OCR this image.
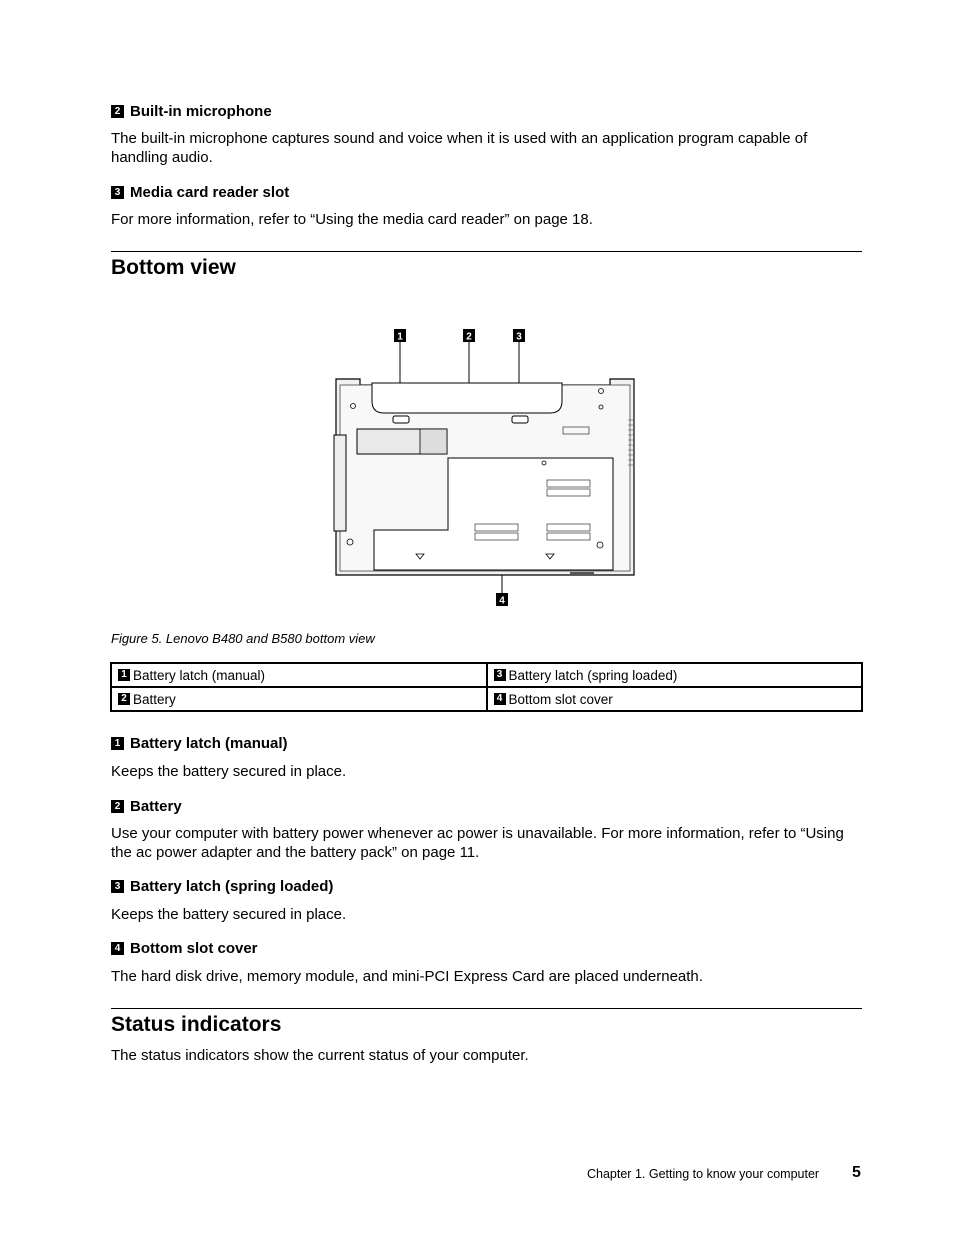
2 Built-in microphone
The built-in microphone captures sound and voice when it is used with an application program capable of handling audio.
3 Media card reader slot
For more information, refer to “Using the media card reader” on page 18.
Bottom view
1	2	3
4
Figure 5. Lenovo B480 and B580 bottom view
1 Battery latch (manual)	3 Battery latch (spring loaded)
2 Battery	4 Bottom slot cover
1 Battery latch (manual)
Keeps the battery secured in place.
2 Battery
Use your computer with battery power whenever ac power is unavailable. For more information, refer to “Using the ac power adapter and the battery pack” on page 11.
3 Battery latch (spring loaded)
Keeps the battery secured in place.
4 Bottom slot cover
The hard disk drive, memory module, and mini-PCI Express Card are placed underneath.
Status indicators
The status indicators show the current status of your computer.
Chapter 1. Getting to know your computer 5
